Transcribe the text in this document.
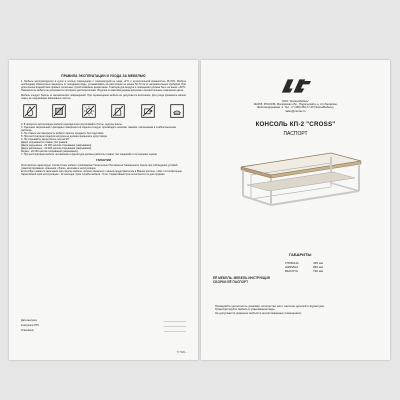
ПРАВИЛА ЭКСПЛУАТАЦИИ И УХОДА ЗА МЕБЕЛЬЮ

1. Мебель эксплуатируется в сухих и теплых помещениях с температурой не ниже +2°С и относительной влажностью 45-70%. Мебель необходимо обязательно защищать от попадания воды, устанавливать на расстоянии не менее 50-70 см от нагревательных приборов. При длительном воздействии прямых солнечных лучей возможно выцветание. Температура воздуха в помещении должна быть не выше +30°С. Поверхности мебели не допускается протирать растворителями. Изделия из массива дерева допускают незначительные изменения цвета.

Мебель следует беречь от механических повреждений. При перемещении мебели не допускается волочение. Для ухода применять мягкие ткани, не содержащие абразивных частиц.

2. В процессе эксплуатации мебели периодически подтягивайте болты, шурупы винты.

3. Удаление загрязнений с фасадных поверхностей изделия следует производить мягкими тканями, смоченными в слабом мыльном растворе.

4. Не ставьте на поверхность мебели горячие предметы без подставок.

5. При эксплуатации изделия нагрузка не должна превышать допустимую.

6. Не открывайте двери более чем на 90°.

Двери открываются плавно, без рывков.

Двери подъемные - 20 000 циклов открывания (закрывания).

Двери распашные - 20 000 циклов открывания (закрывания).

Ящики - 20 000 циклов открывания (закрывания).

7. При эксплуатации мебели, механизмы и фурнитура должны работать плавно, без заеданий и посторонних шумов.

ГАРАНТИИ

Изготовитель гарантирует соответствие мебели требованиям Технического Регламента Таможенного Союза при соблюдении условий транспортирования, хранения, сборки, монтажа и эксплуатации.

Если в Вас появятся замечания при покупке мебели, просим связаться с нашим представителем в Вашем регионе, либо с изготовителем.

Гарантийный срок эксплуатации - 12 месяцев. Срок службы мебели - 5 лет. Гарантийный срок исчисляется со дня продажи.

Дата выпуска	________________
Контролер ОТК	________________
Упаковщик	________________
ТУ 5661-...
ООО "Элиза-Мебель"
142155, РОССИЯ, Московская обл., Подольский р-н, с/п Лаговское,
Железнодорожная, 2. Тел. +7 (499) 653-77-29 (ЭлизаМебель),
sales@mertex.ru
КОНСОЛЬ КП-2 "CROSS"
ПАСПОРТ
ГАБАРИТЫ
ГЛУБИНА	335 мм
ШИРИНА	950 мм
ВЫСОТА	746 мм
ЕЁ МЕБЕЛЬ. МЕБЕЛЬ ИНСТРУКЦИЯ СБОРКИ ЕЁ ПАСПОРТ
Проверяйте целостность упаковки, количество мест, наличие деталей и фурнитуры.
Транспортируйте мебель в упакованном виде.
Не допускается хранение мебели в неотапливаемых помещениях.
